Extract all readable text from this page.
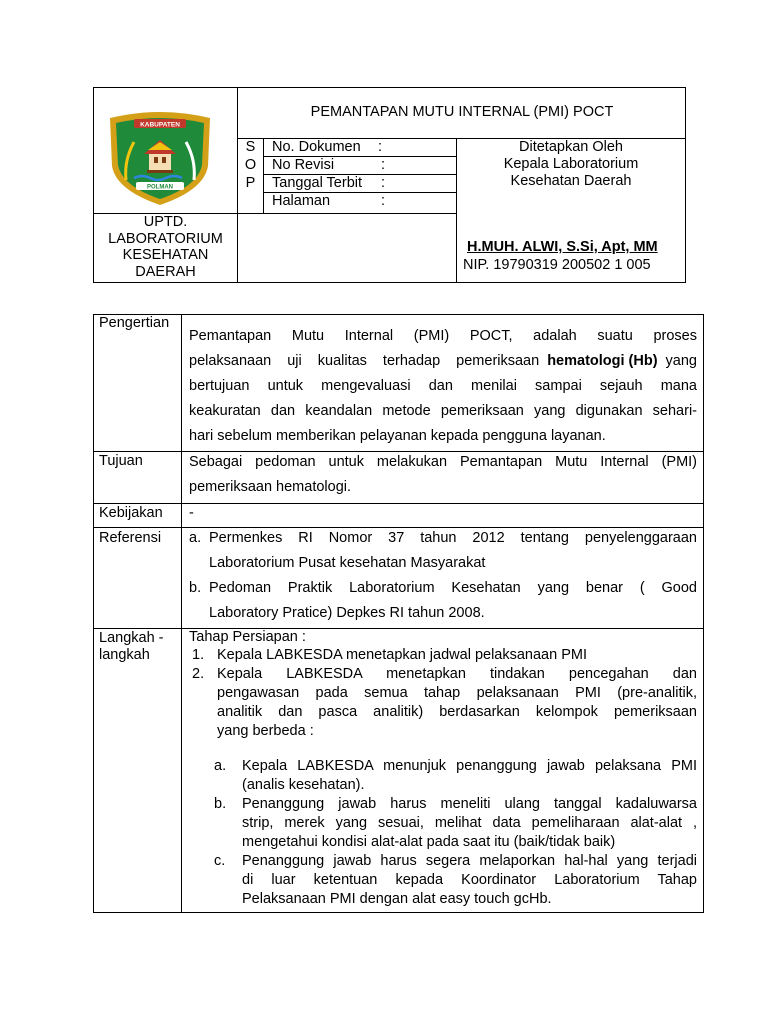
KABUPATEN
POLMAN
PEMANTAPAN MUTU INTERNAL (PMI) POCT
S
O
P
No. Dokumen :
No Revisi	:
Tanggal Terbit :
Halaman	:
Ditetapkan Oleh
Kepala Laboratorium
Kesehatan Daerah
H.MUH. ALWI, S.Si, Apt, MM
NIP. 19790319 200502 1 005
UPTD.
LABORATORIUM
KESEHATAN
DAERAH
Pengertian
Pemantapan Mutu Internal (PMI) POCT, adalah suatu proses
pelaksanaan uji kualitas terhadap pemeriksaan hematologi (Hb) yang
bertujuan untuk mengevaluasi dan menilai sampai sejauh mana
keakuratan dan keandalan metode pemeriksaan yang digunakan sehari-
hari sebelum memberikan pelayanan kepada pengguna layanan.
Tujuan	Sebagai pedoman untuk melakukan Pemantapan Mutu Internal (PMI)
pemeriksaan hematologi.
Kebijakan -
Referensi a. Permenkes RI Nomor 37 tahun 2012 tentang penyelenggaraan
Laboratorium Pusat kesehatan Masyarakat
b. Pedoman Praktik Laboratorium Kesehatan yang benar ( Good
Laboratory Pratice) Depkes RI tahun 2008.
Langkah -
langkah
Tahap Persiapan :
1. Kepala LABKESDA menetapkan jadwal pelaksanaan PMI
2. Kepala LABKESDA menetapkan tindakan pencegahan dan
pengawasan pada semua tahap pelaksanaan PMI (pre-analitik,
analitik dan pasca analitik) berdasarkan kelompok pemeriksaan
yang berbeda :
a.	Kepala LABKESDA menunjuk penanggung jawab pelaksana PMI
(analis kesehatan).
b.	Penanggung jawab harus meneliti ulang tanggal kadaluwarsa
strip, merek yang sesuai, melihat data pemeliharaan alat-alat ,
mengetahui kondisi alat-alat pada saat itu (baik/tidak baik)
c.	Penanggung jawab harus segera melaporkan hal-hal yang terjadi
di luar ketentuan kepada Koordinator Laboratorium Tahap
Pelaksanaan PMI dengan alat easy touch gcHb.
